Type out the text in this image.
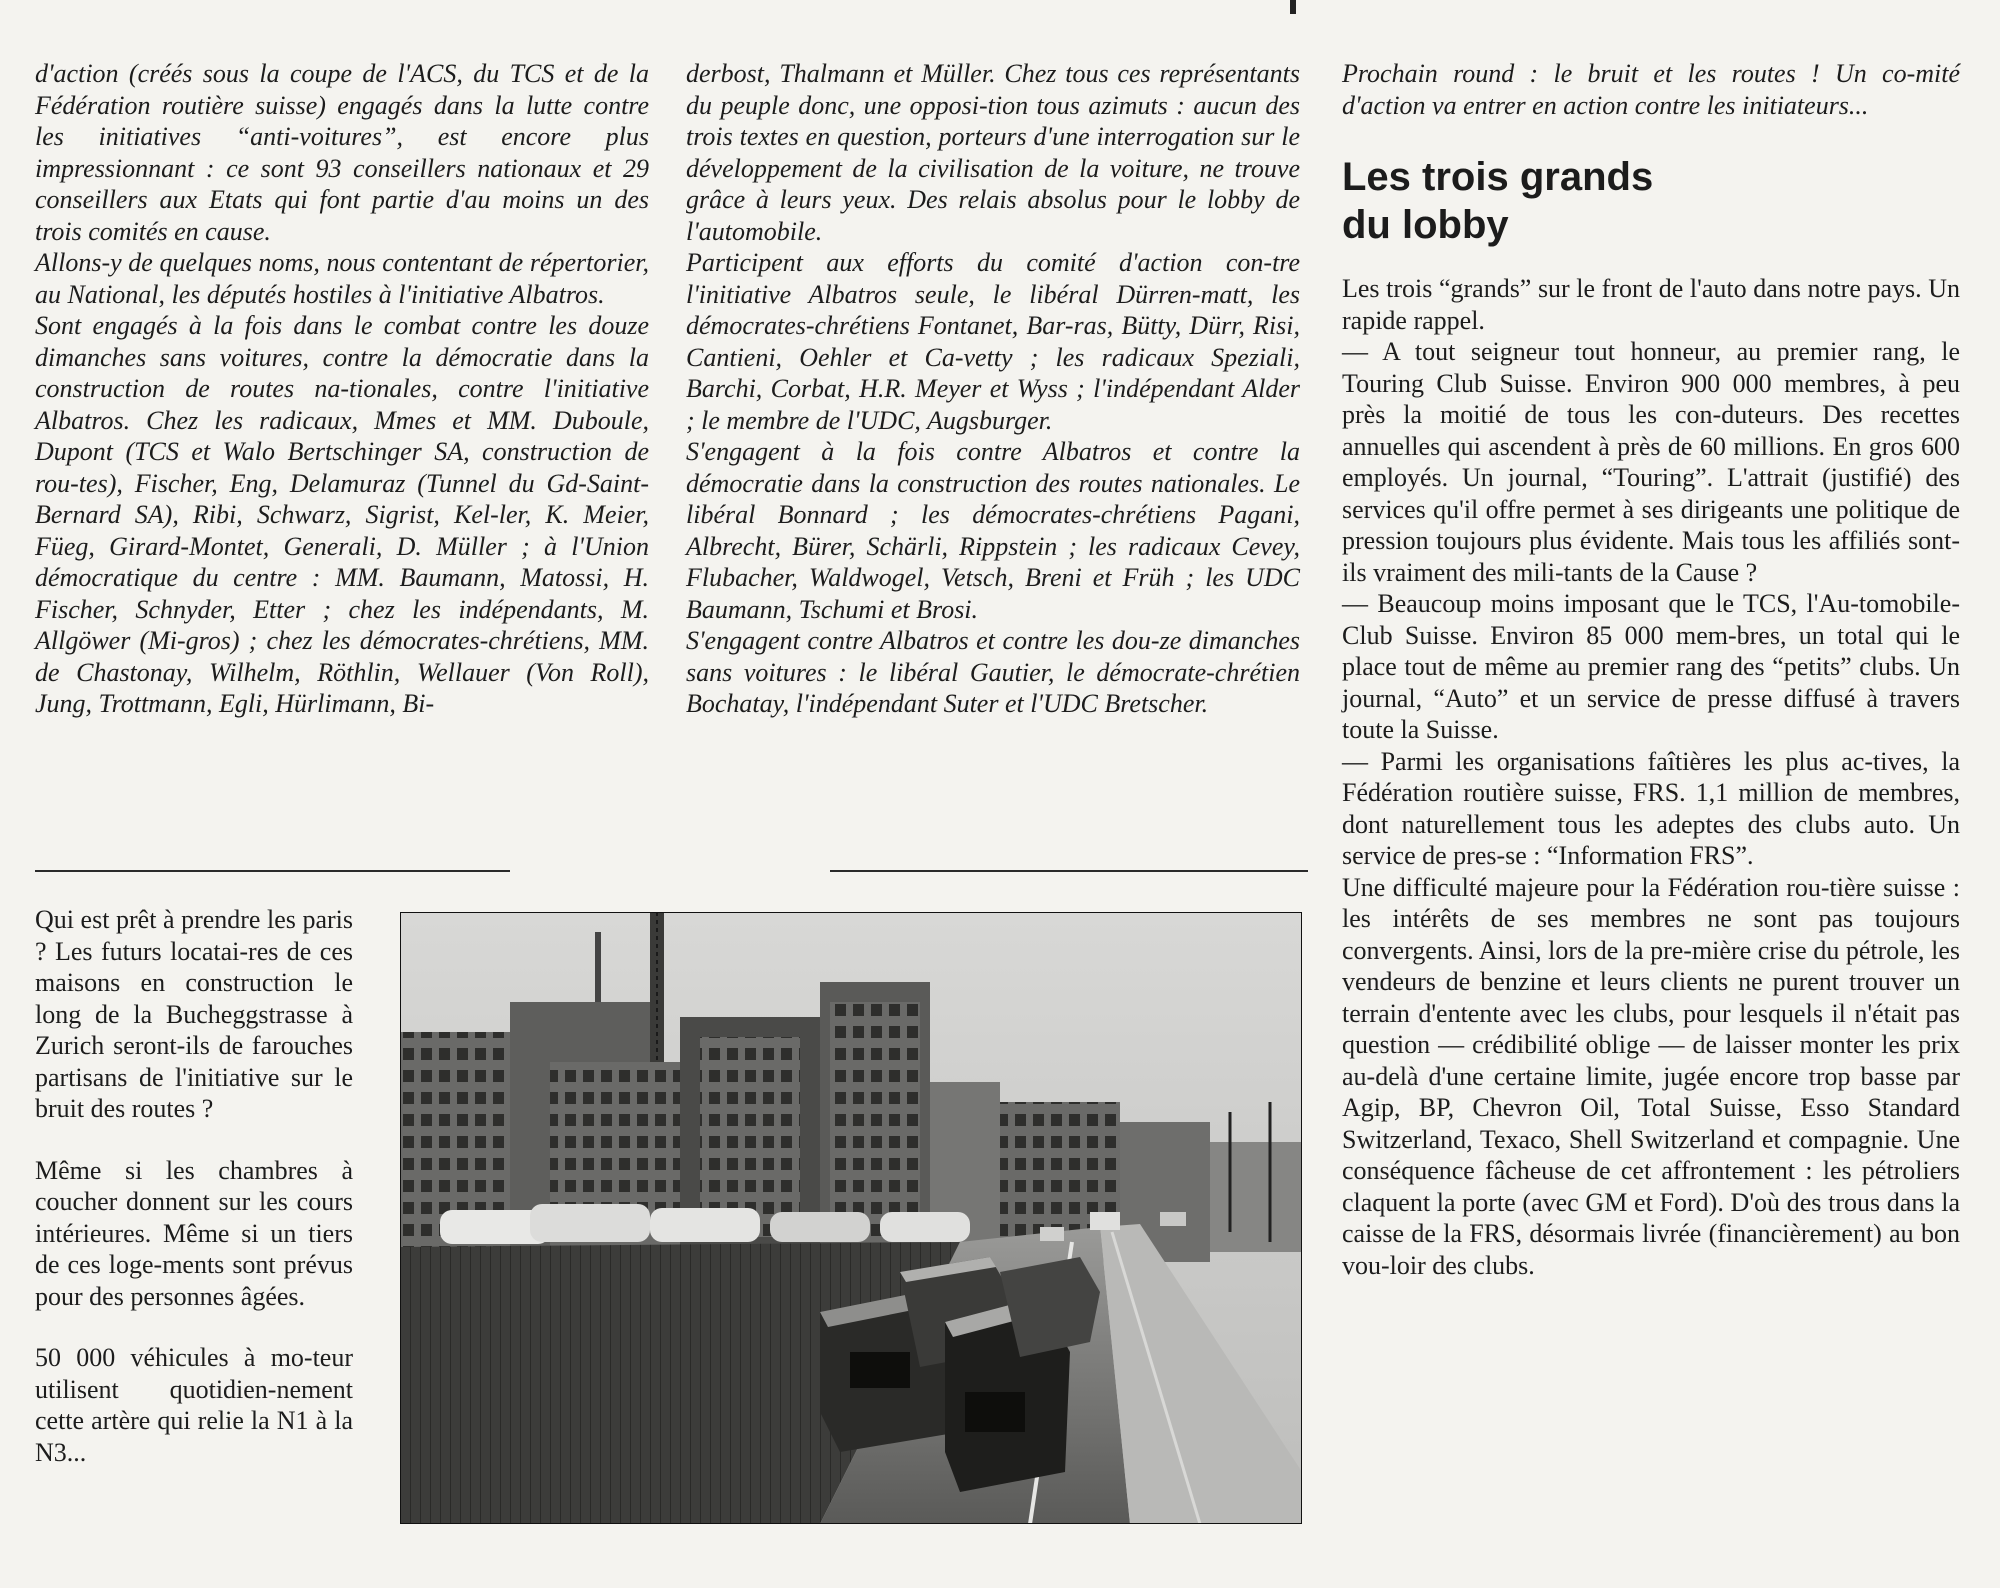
d'action (créés sous la coupe de l'ACS, du TCS et de la Fédération routière suisse) engagés dans la lutte contre les initiatives “anti-voitures”, est encore plus impressionnant : ce sont 93 conseillers nationaux et 29 conseillers aux Etats qui font partie d'au moins un des trois comités en cause.

Allons-y de quelques noms, nous contentant de répertorier, au National, les députés hostiles à l'initiative Albatros.

Sont engagés à la fois dans le combat contre les douze dimanches sans voitures, contre la démocratie dans la construction de routes na-tionales, contre l'initiative Albatros. Chez les radicaux, Mmes et MM. Duboule, Dupont (TCS et Walo Bertschinger SA, construction de rou-tes), Fischer, Eng, Delamuraz (Tunnel du Gd-Saint-Bernard SA), Ribi, Schwarz, Sigrist, Kel-ler, K. Meier, Füeg, Girard-Montet, Generali, D. Müller ; à l'Union démocratique du centre : MM. Baumann, Matossi, H. Fischer, Schnyder, Etter ; chez les indépendants, M. Allgöwer (Mi-gros) ; chez les démocrates-chrétiens, MM. de Chastonay, Wilhelm, Röthlin, Wellauer (Von Roll), Jung, Trottmann, Egli, Hürlimann, Bi-

derbost, Thalmann et Müller. Chez tous ces représentants du peuple donc, une opposi-tion tous azimuts : aucun des trois textes en question, porteurs d'une interrogation sur le développement de la civilisation de la voiture, ne trouve grâce à leurs yeux. Des relais absolus pour le lobby de l'automobile.

Participent aux efforts du comité d'action con-tre l'initiative Albatros seule, le libéral Dürren-matt, les démocrates-chrétiens Fontanet, Bar-ras, Bütty, Dürr, Risi, Cantieni, Oehler et Ca-vetty ; les radicaux Speziali, Barchi, Corbat, H.R. Meyer et Wyss ; l'indépendant Alder ; le membre de l'UDC, Augsburger.

S'engagent à la fois contre Albatros et contre la démocratie dans la construction des routes nationales. Le libéral Bonnard ; les démocrates-chrétiens Pagani, Albrecht, Bürer, Schärli, Rippstein ; les radicaux Cevey, Flubacher, Waldwogel, Vetsch, Breni et Früh ; les UDC Baumann, Tschumi et Brosi.

S'engagent contre Albatros et contre les dou-ze dimanches sans voitures : le libéral Gautier, le démocrate-chrétien Bochatay, l'indépendant Suter et l'UDC Bretscher.

Prochain round : le bruit et les routes ! Un co-mité d'action va entrer en action contre les initiateurs...

Les trois grands
du lobby

Les trois “grands” sur le front de l'auto dans notre pays. Un rapide rappel.

— A tout seigneur tout honneur, au premier rang, le Touring Club Suisse. Environ 900 000 membres, à peu près la moitié de tous les con-duteurs. Des recettes annuelles qui ascendent à près de 60 millions. En gros 600 employés. Un journal, “Touring”. L'attrait (justifié) des services qu'il offre permet à ses dirigeants une politique de pression toujours plus évidente. Mais tous les affiliés sont-ils vraiment des mili-tants de la Cause ?

— Beaucoup moins imposant que le TCS, l'Au-tomobile-Club Suisse. Environ 85 000 mem-bres, un total qui le place tout de même au premier rang des “petits” clubs. Un journal, “Auto” et un service de presse diffusé à travers toute la Suisse.

— Parmi les organisations faîtières les plus ac-tives, la Fédération routière suisse, FRS. 1,1 million de membres, dont naturellement tous les adeptes des clubs auto. Un service de pres-se : “Information FRS”.

Une difficulté majeure pour la Fédération rou-tière suisse : les intérêts de ses membres ne sont pas toujours convergents. Ainsi, lors de la pre-mière crise du pétrole, les vendeurs de benzine et leurs clients ne purent trouver un terrain d'entente avec les clubs, pour lesquels il n'était pas question — crédibilité oblige — de laisser monter les prix au-delà d'une certaine limite, jugée encore trop basse par Agip, BP, Chevron Oil, Total Suisse, Esso Standard Switzerland, Texaco, Shell Switzerland et compagnie. Une conséquence fâcheuse de cet affrontement : les pétroliers claquent la porte (avec GM et Ford). D'où des trous dans la caisse de la FRS, désormais livrée (financièrement) au bon vou-loir des clubs.

Qui est prêt à prendre les paris ? Les futurs locatai-res de ces maisons en construction le long de la Bucheggstrasse à Zurich seront-ils de farouches partisans de l'initiative sur le bruit des routes ?

Même si les chambres à coucher donnent sur les cours intérieures. Même si un tiers de ces loge-ments sont prévus pour des personnes âgées.

50 000 véhicules à mo-teur utilisent quotidien-nement cette artère qui relie la N1 à la N3...
